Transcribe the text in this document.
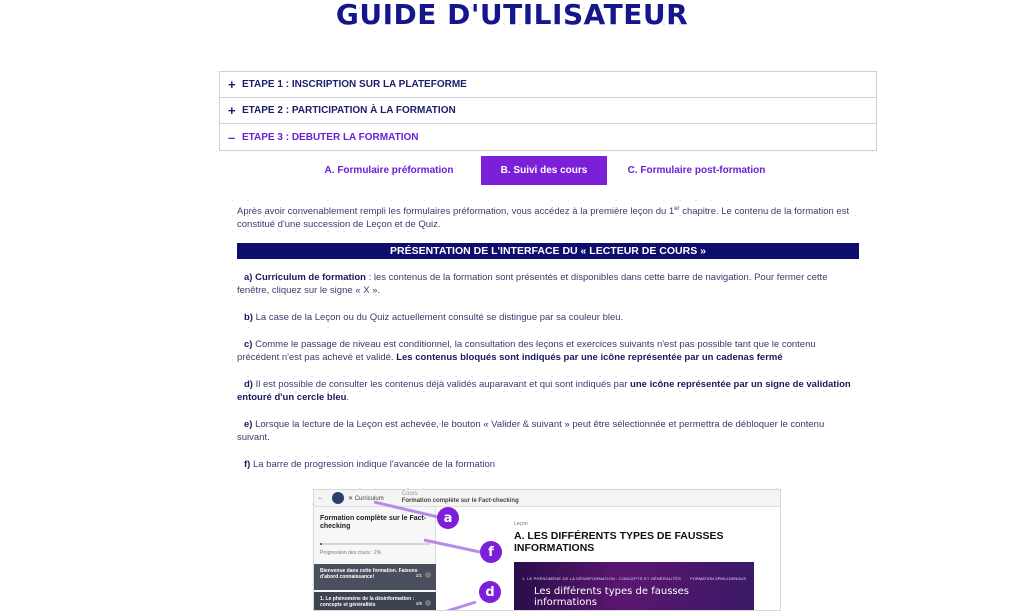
GUIDE D'UTILISATEUR
+ ETAPE 1 : INSCRIPTION SUR LA PLATEFORME
+ ETAPE 2 : PARTICIPATION À LA FORMATION
– ETAPE 3 : DEBUTER LA FORMATION
A. Formulaire préformation	B. Suivi des cours	C. Formulaire post-formation

Après avoir convenablement rempli les formulaires préformation, vous accédez à la première leçon du 1er chapitre. Le contenu de la formation est constitué d'une succession de Leçon et de Quiz.

PRÉSENTATION DE L'INTERFACE DU « LECTEUR DE COURS »

a) Curriculum de formation : les contenus de la formation sont présentés et disponibles dans cette barre de navigation. Pour fermer cette fenêtre, cliquez sur le signe « X ».

b) La case de la Leçon ou du Quiz actuellement consulté se distingue par sa couleur bleu.

c) Comme le passage de niveau est conditionnel, la consultation des leçons et exercices suivants n'est pas possible tant que le contenu précédent n'est pas achevé et validé. Les contenus bloqués sont indiqués par une icône représentée par un cadenas fermé

d) Il est possible de consulter les contenus déjà validés auparavant et qui sont indiqués par une icône représentée par un signe de validation entouré d'un cercle bleu.

e) Lorsque la lecture de la Leçon est achevée, le bouton « Valider & suivant » peut être sélectionnée et permettra de débloquer le contenu suivant.

f) La barre de progression indique l'avancée de la formation

←	✕ Curriculum
Cours
Formation complète sur le Fact-checking
Formation complète sur le Fact-checking
Progression des cours : 2%
Bienvenue dans cette formation. Faisons d'abord connaissance!	1/1
1. Le phénomène de la désinformation : concepts et généralités	1/6
a
f
d
Leçon
A. LES DIFFÉRENTS TYPES DE FAUSSES INFORMATIONS
1. LE PHÉNOMÈNE DE LA DÉSINFORMATION : CONCEPTS ET GÉNÉRALITÉS FORMATION SPHILLDENOUS
Les différents types de fausses informations
